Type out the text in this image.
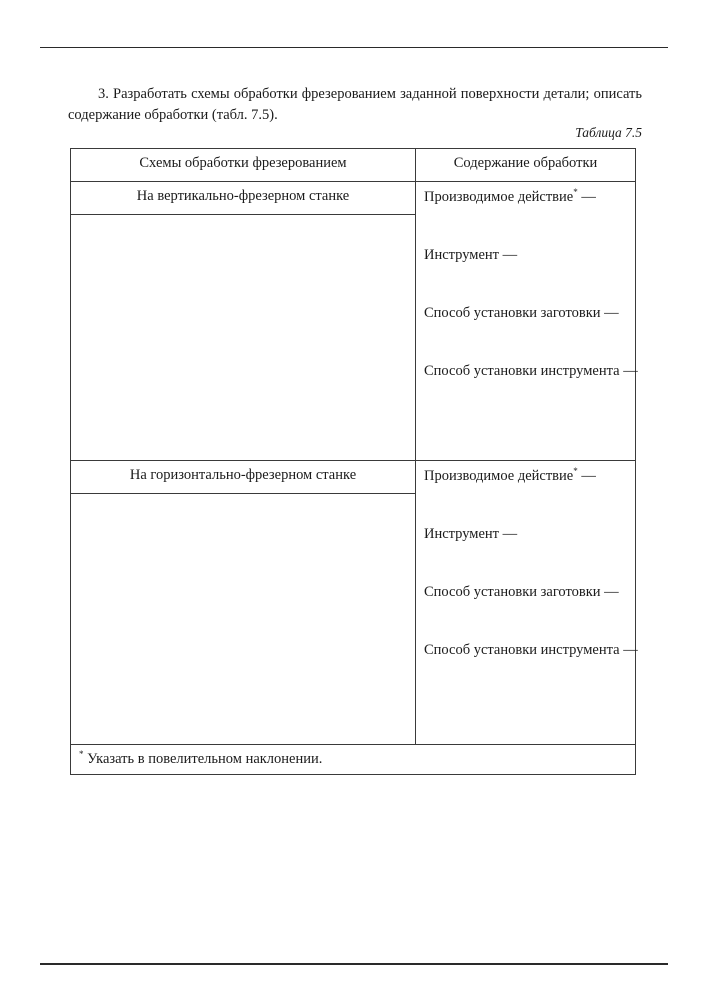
3. Разработать схемы обработки фрезерованием заданной поверхности детали; описать содержание обработки (табл. 7.5).

Таблица 7.5
Схемы обработки фрезерованием	Содержание обработки
На вертикально-фрезерном станке	Производимое действие* —
Инструмент —
Способ установки заготовки —
Способ установки инструмента —

На горизонтально-фрезерном станке	Производимое действие* —
Инструмент —
Способ установки заготовки —
Способ установки инструмента —

* Указать в повелительном наклонении.	
